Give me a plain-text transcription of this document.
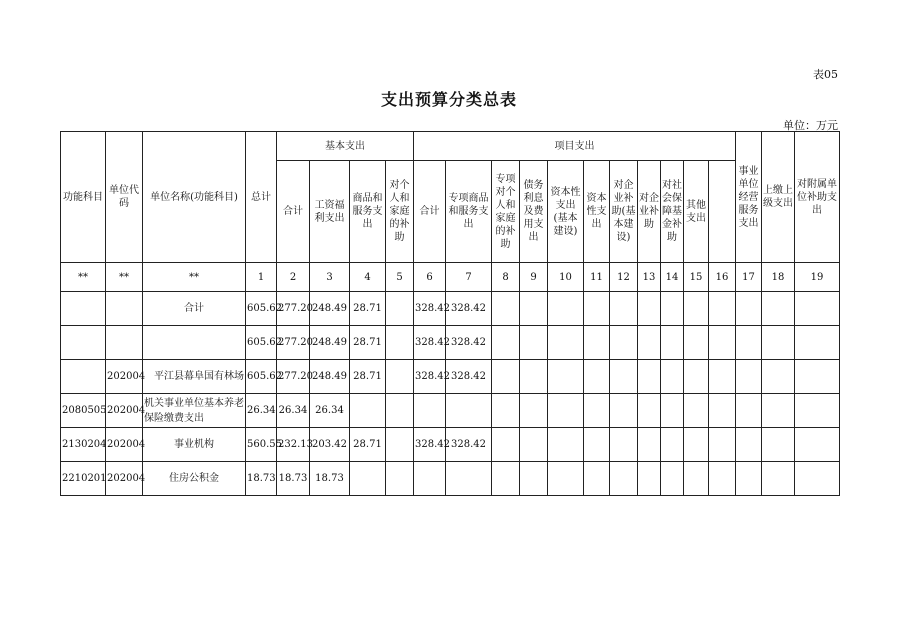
表05
支出预算分类总表
单位：万元
功能科目	单位代码	单位名称(功能科目)	总计	基本支出				项目支出											事业单位经营服务支出	上缴上级支出	对附属单位补助支出	
				合计	工资福利支出	商品和服务支出	对个人和家庭的补助	合计	专项商品和服务支出	专项对个人和家庭的补助	债务利息及费用支出	资本性支出(基本建设)	资本性支出	对企业补助(基本建设)	对企业补助	对社会保障基金补助	其他支出					
**	**	**	1	2	3	4	5	6	7	8	9	10	11	12	13	14	15	16	17	18	19	
		合计	605.62	277.20	248.49	28.71		328.42	328.42													
			605.62	277.20	248.49	28.71		328.42	328.42													
	202004	平江县幕阜国有林场	605.62	277.20	248.49	28.71		328.42	328.42													
2080505	202004	机关事业单位基本养老保险缴费支出	26.34	26.34	26.34																	
2130204	202004	事业机构	560.55	232.13	203.42	28.71		328.42	328.42													
2210201	202004	住房公积金	18.73	18.73	18.73																	
